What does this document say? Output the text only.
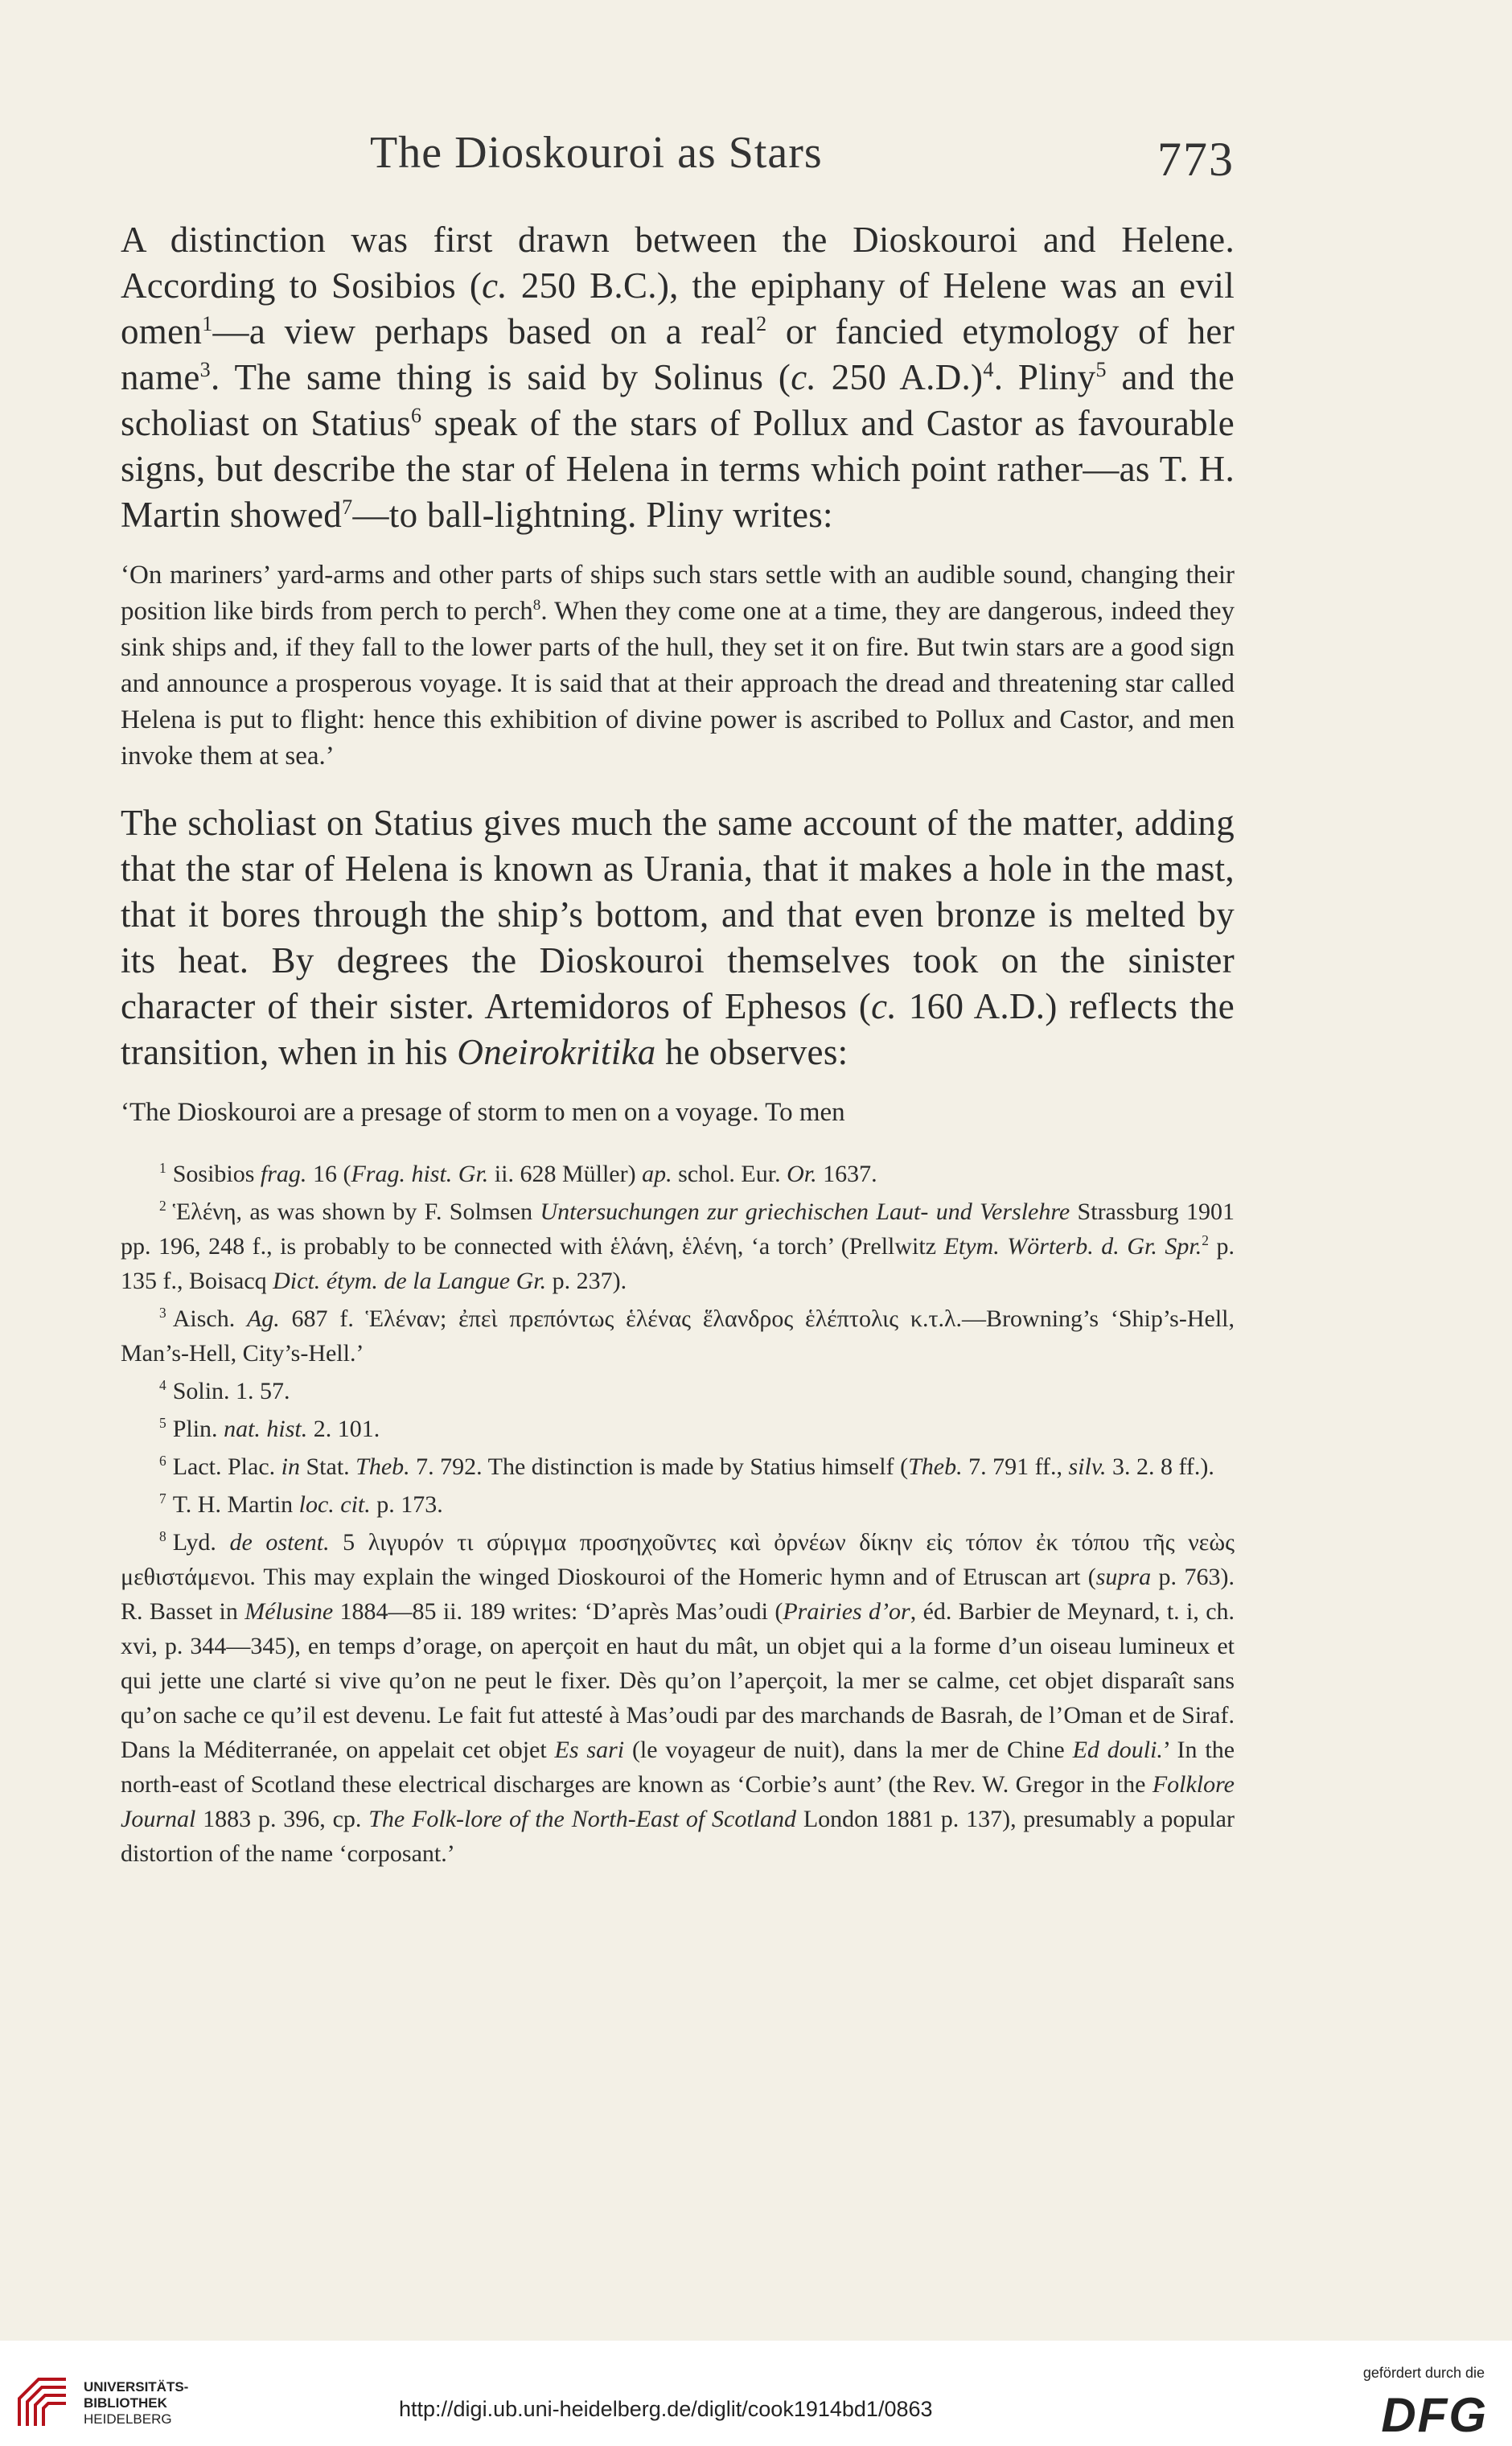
The Dioskouroi as Stars	773

A distinction was first drawn between the Dioskouroi and Helene. According to Sosibios (c. 250 B.C.), the epiphany of Helene was an evil omen$^1$—a view perhaps based on a real$^2$ or fancied etymology of her name$^3$. The same thing is said by Solinus (c. 250 A.D.)$^4$. Pliny$^5$ and the scholiast on Statius$^6$ speak of the stars of Pollux and Castor as favourable signs, but describe the star of Helena in terms which point rather—as T. H. Martin showed$^7$—to ball-lightning. Pliny writes:

‘On mariners’ yard-arms and other parts of ships such stars settle with an audible sound, changing their position like birds from perch to perch$^8$. When they come one at a time, they are dangerous, indeed they sink ships and, if they fall to the lower parts of the hull, they set it on fire. But twin stars are a good sign and announce a prosperous voyage. It is said that at their approach the dread and threatening star called Helena is put to flight: hence this exhibition of divine power is ascribed to Pollux and Castor, and men invoke them at sea.’

The scholiast on Statius gives much the same account of the matter, adding that the star of Helena is known as Urania, that it makes a hole in the mast, that it bores through the ship’s bottom, and that even bronze is melted by its heat. By degrees the Dioskouroi themselves took on the sinister character of their sister. Artemidoros of Ephesos (c. 160 A.D.) reflects the transition, when in his Oneirokritika he observes:

‘The Dioskouroi are a presage of storm to men on a voyage. To men

$^1$ Sosibios frag. 16 (Frag. hist. Gr. ii. 628 Müller) ap. schol. Eur. Or. 1637.

$^2$ Ἑλένη, as was shown by F. Solmsen Untersuchungen zur griechischen Laut- und Verslehre Strassburg 1901 pp. 196, 248 f., is probably to be connected with ἑλάνη, ἑλένη, ‘a torch’ (Prellwitz Etym. Wörterb. d. Gr. Spr.$^2$ p. 135 f., Boisacq Dict. étym. de la Langue Gr. p. 237).

$^3$ Aisch. Ag. 687 f. Ἑλέναν; ἐπεὶ πρεπόντως ἑλένας ἕλανδρος ἑλέπτολις κ.τ.λ.—Browning’s ‘Ship’s-Hell, Man’s-Hell, City’s-Hell.’

$^4$ Solin. 1. 57.

$^5$ Plin. nat. hist. 2. 101.

$^6$ Lact. Plac. in Stat. Theb. 7. 792. The distinction is made by Statius himself (Theb. 7. 791 ff., silv. 3. 2. 8 ff.).

$^7$ T. H. Martin loc. cit. p. 173.

$^8$ Lyd. de ostent. 5 λιγυρόν τι σύριγμα προσηχοῦντες καὶ ὀρνέων δίκην εἰς τόπον ἐκ τόπου τῆς νεὼς μεθιστάμενοι. This may explain the winged Dioskouroi of the Homeric hymn and of Etruscan art (supra p. 763). R. Basset in Mélusine 1884—85 ii. 189 writes: ‘D’après Mas’oudi (Prairies d’or, éd. Barbier de Meynard, t. i, ch. xvi, p. 344—345), en temps d’orage, on aperçoit en haut du mât, un objet qui a la forme d’un oiseau lumineux et qui jette une clarté si vive qu’on ne peut le fixer. Dès qu’on l’aperçoit, la mer se calme, cet objet disparaît sans qu’on sache ce qu’il est devenu. Le fait fut attesté à Mas’oudi par des marchands de Basrah, de l’Oman et de Siraf. Dans la Méditerranée, on appelait cet objet Es sari (le voyageur de nuit), dans la mer de Chine Ed douli.’ In the north-east of Scotland these electrical discharges are known as ‘Corbie’s aunt’ (the Rev. W. Gregor in the Folklore Journal 1883 p. 396, cp. The Folk-lore of the North-East of Scotland London 1881 p. 137), presumably a popular distortion of the name ‘corposant.’

UNIVERSITÄTS-
BIBLIOTHEK
HEIDELBERG	http://digi.ub.uni-heidelberg.de/diglit/cook1914bd1/0863
gefördert durch die
DFG
